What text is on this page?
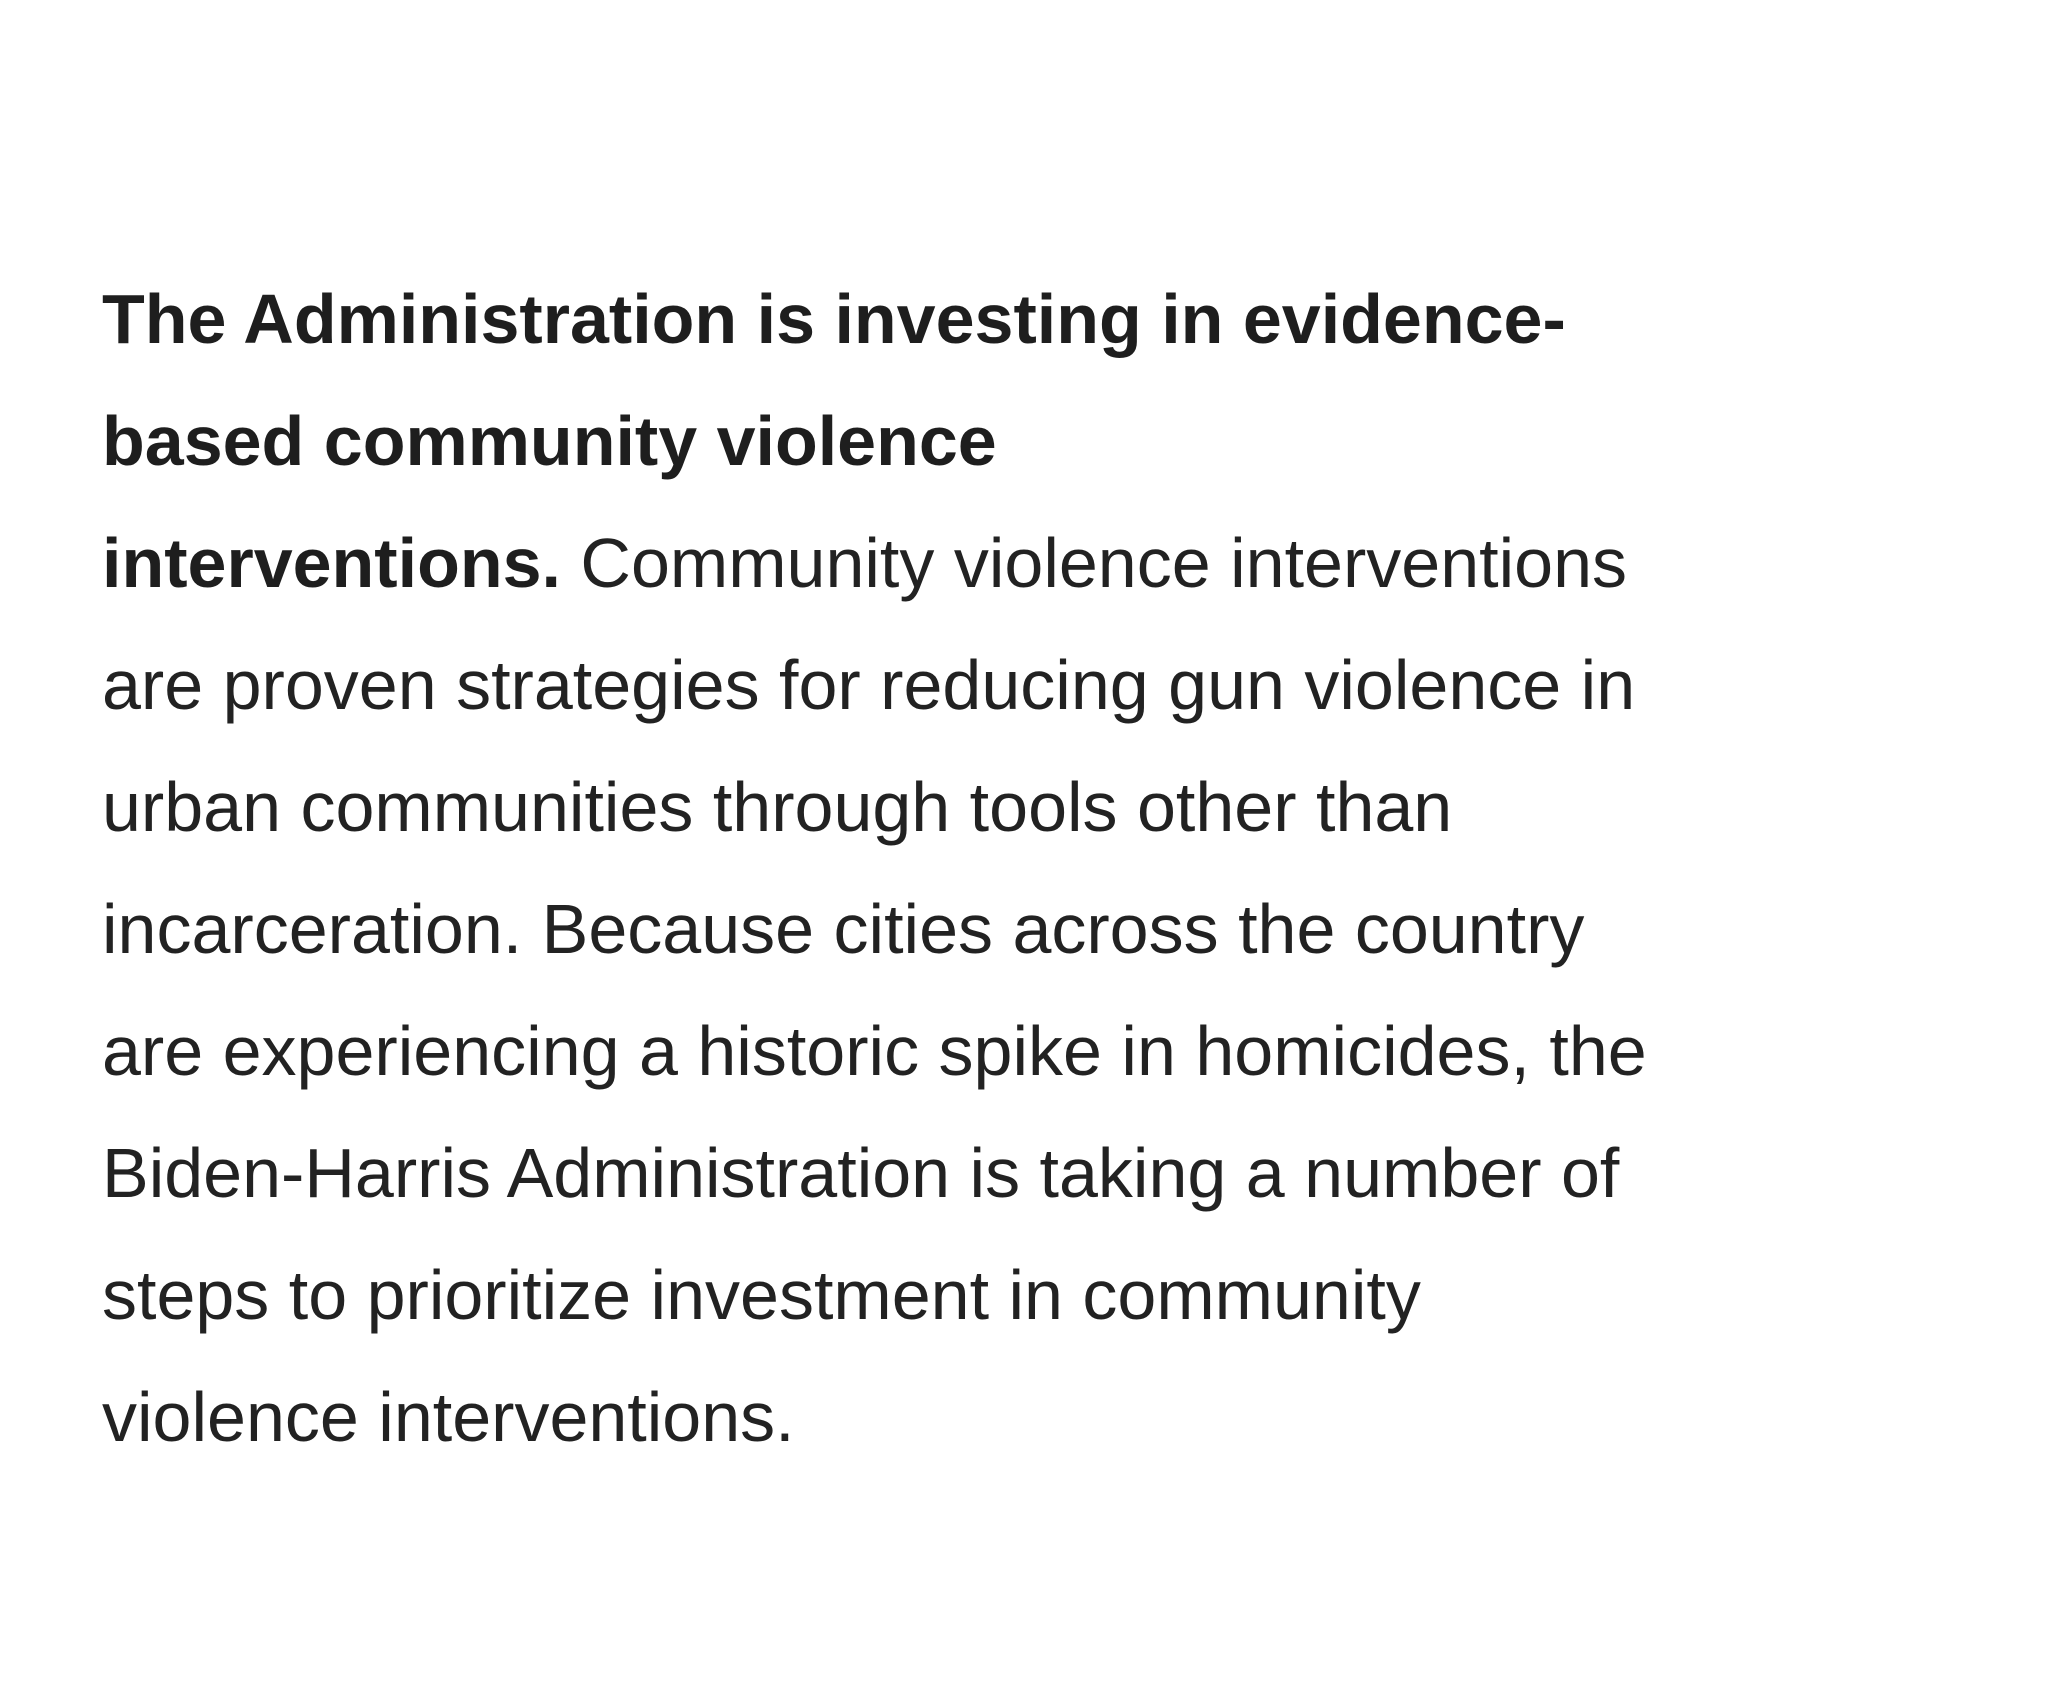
The Administration is investing in evidence-
based community violence
interventions. Community violence interventions
are proven strategies for reducing gun violence in
urban communities through tools other than
incarceration. Because cities across the country
are experiencing a historic spike in homicides, the
Biden-Harris Administration is taking a number of
steps to prioritize investment in community
violence interventions.
